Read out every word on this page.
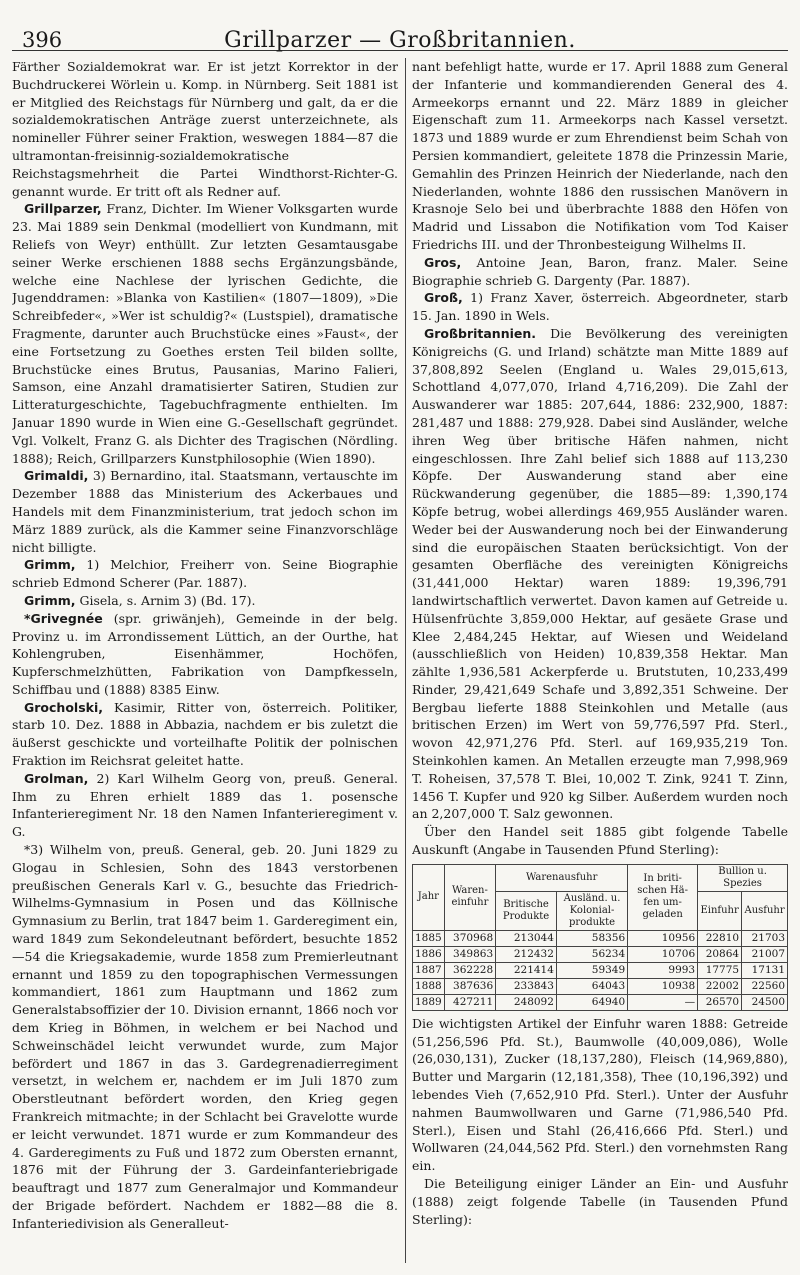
396	Grillparzer — Großbritannien.

Färther Sozialdemokrat war. Er ist jetzt Korrektor in der Buchdruckerei Wörlein u. Komp. in Nürnberg. Seit 1881 ist er Mitglied des Reichstags für Nürnberg und galt, da er die sozialdemokratischen Anträge zuerst unterzeichnete, als nomineller Führer seiner Fraktion, weswegen 1884—87 die ultramontan-freisinnig-sozialdemokratische Reichstagsmehrheit die Partei Windthorst-Richter-G. genannt wurde. Er tritt oft als Redner auf.

Grillparzer, Franz, Dichter. Im Wiener Volksgarten wurde 23. Mai 1889 sein Denkmal (modelliert von Kundmann, mit Reliefs von Weyr) enthüllt. Zur letzten Gesamtausgabe seiner Werke erschienen 1888 sechs Ergänzungsbände, welche eine Nachlese der lyrischen Gedichte, die Jugenddramen: »Blanka von Kastilien« (1807—1809), »Die Schreibfeder«, »Wer ist schuldig?« (Lustspiel), dramatische Fragmente, darunter auch Bruchstücke eines »Faust«, der eine Fortsetzung zu Goethes ersten Teil bilden sollte, Bruchstücke eines Brutus, Pausanias, Marino Falieri, Samson, eine Anzahl dramatisierter Satiren, Studien zur Litteraturgeschichte, Tagebuchfragmente enthielten. Im Januar 1890 wurde in Wien eine G.-Gesellschaft gegründet. Vgl. Volkelt, Franz G. als Dichter des Tragischen (Nördling. 1888); Reich, Grillparzers Kunstphilosophie (Wien 1890).

Grimaldi, 3) Bernardino, ital. Staatsmann, vertauschte im Dezember 1888 das Ministerium des Ackerbaues und Handels mit dem Finanzministerium, trat jedoch schon im März 1889 zurück, als die Kammer seine Finanzvorschläge nicht billigte.

Grimm, 1) Melchior, Freiherr von. Seine Biographie schrieb Edmond Scherer (Par. 1887).

Grimm, Gisela, s. Arnim 3) (Bd. 17).

*Grivegnée (spr. griwänjeh), Gemeinde in der belg. Provinz u. im Arrondissement Lüttich, an der Ourthe, hat Kohlengruben, Eisenhämmer, Hochöfen, Kupferschmelzhütten, Fabrikation von Dampfkesseln, Schiffbau und (1888) 8385 Einw.

Grocholski, Kasimir, Ritter von, österreich. Politiker, starb 10. Dez. 1888 in Abbazia, nachdem er bis zuletzt die äußerst geschickte und vorteilhafte Politik der polnischen Fraktion im Reichsrat geleitet hatte.

Grolman, 2) Karl Wilhelm Georg von, preuß. General. Ihm zu Ehren erhielt 1889 das 1. posensche Infanterieregiment Nr. 18 den Namen Infanterieregiment v. G.

*3) Wilhelm von, preuß. General, geb. 20. Juni 1829 zu Glogau in Schlesien, Sohn des 1843 verstorbenen preußischen Generals Karl v. G., besuchte das Friedrich-Wilhelms-Gymnasium in Posen und das Köllnische Gymnasium zu Berlin, trat 1847 beim 1. Garderegiment ein, ward 1849 zum Sekondeleutnant befördert, besuchte 1852—54 die Kriegsakademie, wurde 1858 zum Premierleutnant ernannt und 1859 zu den topographischen Vermessungen kommandiert, 1861 zum Hauptmann und 1862 zum Generalstabsoffizier der 10. Division ernannt, 1866 noch vor dem Krieg in Böhmen, in welchem er bei Nachod und Schweinschädel leicht verwundet wurde, zum Major befördert und 1867 in das 3. Gardegrenadierregiment versetzt, in welchem er, nachdem er im Juli 1870 zum Oberstleutnant befördert worden, den Krieg gegen Frankreich mitmachte; in der Schlacht bei Gravelotte wurde er leicht verwundet. 1871 wurde er zum Kommandeur des 4. Garderegiments zu Fuß und 1872 zum Obersten ernannt, 1876 mit der Führung der 3. Gardeinfanteriebrigade beauftragt und 1877 zum Generalmajor und Kommandeur der Brigade befördert. Nachdem er 1882—88 die 8. Infanteriedivision als Generalleut-

nant befehligt hatte, wurde er 17. April 1888 zum General der Infanterie und kommandierenden General des 4. Armeekorps ernannt und 22. März 1889 in gleicher Eigenschaft zum 11. Armeekorps nach Kassel versetzt. 1873 und 1889 wurde er zum Ehrendienst beim Schah von Persien kommandiert, geleitete 1878 die Prinzessin Marie, Gemahlin des Prinzen Heinrich der Niederlande, nach den Niederlanden, wohnte 1886 den russischen Manövern in Krasnoje Selo bei und überbrachte 1888 den Höfen von Madrid und Lissabon die Notifikation vom Tod Kaiser Friedrichs III. und der Thronbesteigung Wilhelms II.

Gros, Antoine Jean, Baron, franz. Maler. Seine Biographie schrieb G. Dargenty (Par. 1887).

Groß, 1) Franz Xaver, österreich. Abgeordneter, starb 15. Jan. 1890 in Wels.

Großbritannien. Die Bevölkerung des vereinigten Königreichs (G. und Irland) schätzte man Mitte 1889 auf 37,808,892 Seelen (England u. Wales 29,015,613, Schottland 4,077,070, Irland 4,716,209). Die Zahl der Auswanderer war 1885: 207,644, 1886: 232,900, 1887: 281,487 und 1888: 279,928. Dabei sind Ausländer, welche ihren Weg über britische Häfen nahmen, nicht eingeschlossen. Ihre Zahl belief sich 1888 auf 113,230 Köpfe. Der Auswanderung stand aber eine Rückwanderung gegenüber, die 1885—89: 1,390,174 Köpfe betrug, wobei allerdings 469,955 Ausländer waren. Weder bei der Auswanderung noch bei der Einwanderung sind die europäischen Staaten berücksichtigt. Von der gesamten Oberfläche des vereinigten Königreichs (31,441,000 Hektar) waren 1889: 19,396,791 landwirtschaftlich verwertet. Davon kamen auf Getreide u. Hülsenfrüchte 3,859,000 Hektar, auf gesäete Grase und Klee 2,484,245 Hektar, auf Wiesen und Weideland (ausschließlich von Heiden) 10,839,358 Hektar. Man zählte 1,936,581 Ackerpferde u. Brutstuten, 10,233,499 Rinder, 29,421,649 Schafe und 3,892,351 Schweine. Der Bergbau lieferte 1888 Steinkohlen und Metalle (aus britischen Erzen) im Wert von 59,776,597 Pfd. Sterl., wovon 42,971,276 Pfd. Sterl. auf 169,935,219 Ton. Steinkohlen kamen. An Metallen erzeugte man 7,998,969 T. Roheisen, 37,578 T. Blei, 10,002 T. Zink, 9241 T. Zinn, 1456 T. Kupfer und 920 kg Silber. Außerdem wurden noch an 2,207,000 T. Salz gewonnen.

Über den Handel seit 1885 gibt folgende Tabelle Auskunft (Angabe in Tausenden Pfund Sterling):

Jahr	Waren-einfuhr	Warenausfuhr		In briti-schen Hä-fen um-geladen	Bullion u. Spezies	
		Britische Produkte	Ausländ. u. Kolonial-produkte		Einfuhr	Ausfuhr
1885	370968	213044	58356	10956	22810	21703
1886	349863	212432	56234	10706	20864	21007
1887	362228	221414	59349	9993	17775	17131
1888	387636	233843	64043	10938	22002	22560
1889	427211	248092	64940	—	26570	24500

Die wichtigsten Artikel der Einfuhr waren 1888: Getreide (51,256,596 Pfd. St.), Baumwolle (40,009,086), Wolle (26,030,131), Zucker (18,137,280), Fleisch (14,969,880), Butter und Margarin (12,181,358), Thee (10,196,392) und lebendes Vieh (7,652,910 Pfd. Sterl.). Unter der Ausfuhr nahmen Baumwollwaren und Garne (71,986,540 Pfd. Sterl.), Eisen und Stahl (26,416,666 Pfd. Sterl.) und Wollwaren (24,044,562 Pfd. Sterl.) den vornehmsten Rang ein.

Die Beteiligung einiger Länder an Ein- und Ausfuhr (1888) zeigt folgende Tabelle (in Tausenden Pfund Sterling):
